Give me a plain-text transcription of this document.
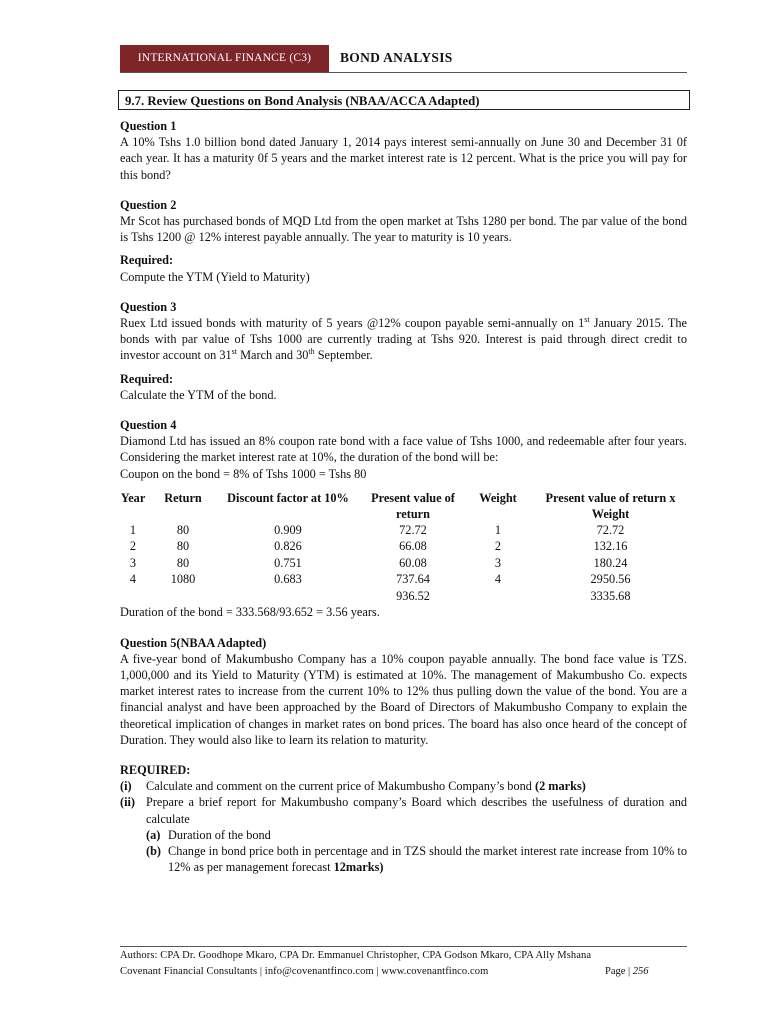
INTERNATIONAL FINANCE (C3)	BOND ANALYSIS
9.7. Review Questions on Bond Analysis (NBAA/ACCA Adapted)

Question 1

A 10% Tshs 1.0 billion bond dated January 1, 2014 pays interest semi-annually on June 30 and December 31 0f each year. It has a maturity 0f 5 years and the market interest rate is 12 percent. What is the price you will pay for this bond?

Question 2

Mr Scot has purchased bonds of MQD Ltd from the open market at Tshs 1280 per bond. The par value of the bond is Tshs 1200 @ 12% interest payable annually. The year to maturity is 10 years.

Required:

Compute the YTM (Yield to Maturity)

Question 3

Ruex Ltd issued bonds with maturity of 5 years @12% coupon payable semi-annually on 1st January 2015. The bonds with par value of Tshs 1000 are currently trading at Tshs 920. Interest is paid through direct credit to investor account on 31st March and 30th September.

Required:

Calculate the YTM of the bond.

Question 4

Diamond Ltd has issued an 8% coupon rate bond with a face value of Tshs 1000, and redeemable after four years. Considering the market interest rate at 10%, the duration of the bond will be:

Coupon on the bond = 8% of Tshs 1000 = Tshs 80

Year	Return	Discount factor at 10%	Present value of return	Weight	Present value of return x Weight
1	80	0.909	72.72	1	72.72
2	80	0.826	66.08	2	132.16
3	80	0.751	60.08	3	180.24
4	1080	0.683	737.64	4	2950.56
			936.52		3335.68

Duration of the bond = 333.568/93.652 = 3.56 years.

Question 5(NBAA Adapted)

A five-year bond of Makumbusho Company has a 10% coupon payable annually. The bond face value is TZS. 1,000,000 and its Yield to Maturity (YTM) is estimated at 10%. The management of Makumbusho Co. expects market interest rates to increase from the current 10% to 12% thus pulling down the value of the bond. You are a financial analyst and have been approached by the Board of Directors of Makumbusho Company to explain the theoretical implication of changes in market rates on bond prices. The board has also once heard of the concept of Duration. They would also like to learn its relation to maturity.

REQUIRED:

(i)	Calculate and comment on the current price of Makumbusho Company’s bond (2 marks)
(ii) Prepare a brief report for Makumbusho company’s Board which describes the usefulness of duration and calculate
(a) Duration of the bond
(b) Change in bond price both in percentage and in TZS should the market interest rate increase from 10% to 12% as per management forecast 12marks)
Authors: CPA Dr. Goodhope Mkaro, CPA Dr. Emmanuel Christopher, CPA Godson Mkaro, CPA Ally Mshana
Covenant Financial Consultants | info@covenantfinco.com | www.covenantfinco.com	Page | 256
